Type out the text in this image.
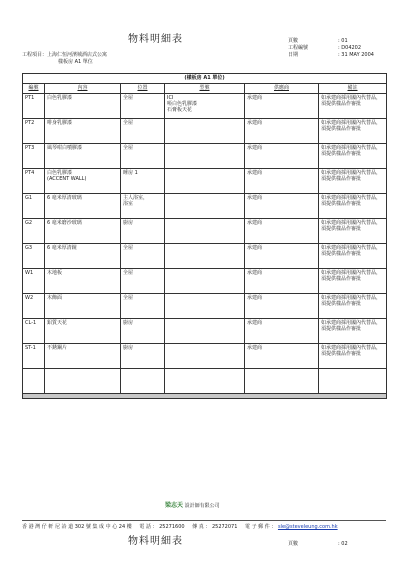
物料明細表	頁數	: 01
工程編號	: D04202
日期	: 31 MAY 2004
工程項目：上海仁恒河濱城酒店式公寓
樣板房 A1 單位
(樣板房 A1 單位)					
編號	內容	位置	型號	供應商	備註
PT1	白色乳膠漆	全屋	ICI
啞白色乳膠漆
石膏板天花	承建商	如承建商採用國內代替品，須提供樣品作審批
PT2	啡身乳膠漆	全屋		承建商	如承建商採用國內代替品，須提供樣品作審批
PT3	風琴咁白噴膠漆	全屋		承建商	如承建商採用國內代替品，須提供樣品作審批
PT4	白色乳膠漆
(ACCENT WALL)	睡房 1		承建商	如承建商採用國內代替品，須提供樣品作審批
G1	6 毫米厚清玻璃	主人浴室，
浴室		承建商	如承建商採用國內代替品，須提供樣品作審批
G2	6 毫米磨沙玻璃	廚房		承建商	如承建商採用國內代替品，須提供樣品作審批
G3	6 毫米厚清鏡	全屋		承建商	如承建商採用國內代替品，須提供樣品作審批
W1	木地板	全屋		承建商	如承建商採用國內代替品，須提供樣品作審批
W2	木飾面	全屋		承建商	如承建商採用國內代替品，須提供樣品作審批
CL-1	鋁質天花	廚房		承建商	如承建商採用國內代替品，須提供樣品作審批
ST-1	不銹鋼片	廚房		承建商	如承建商採用國內代替品，須提供樣品作審批

梁志天 設計師有限公司
香 港 灣 仔 軒 尼 詩 道 302 號 集 成 中 心 24 樓 電 話 ： 25271600 傳 真 ： 25272071 電 子 郵 件 ： sle@steveleung.com.hk
物料明細表	頁數	: 02
